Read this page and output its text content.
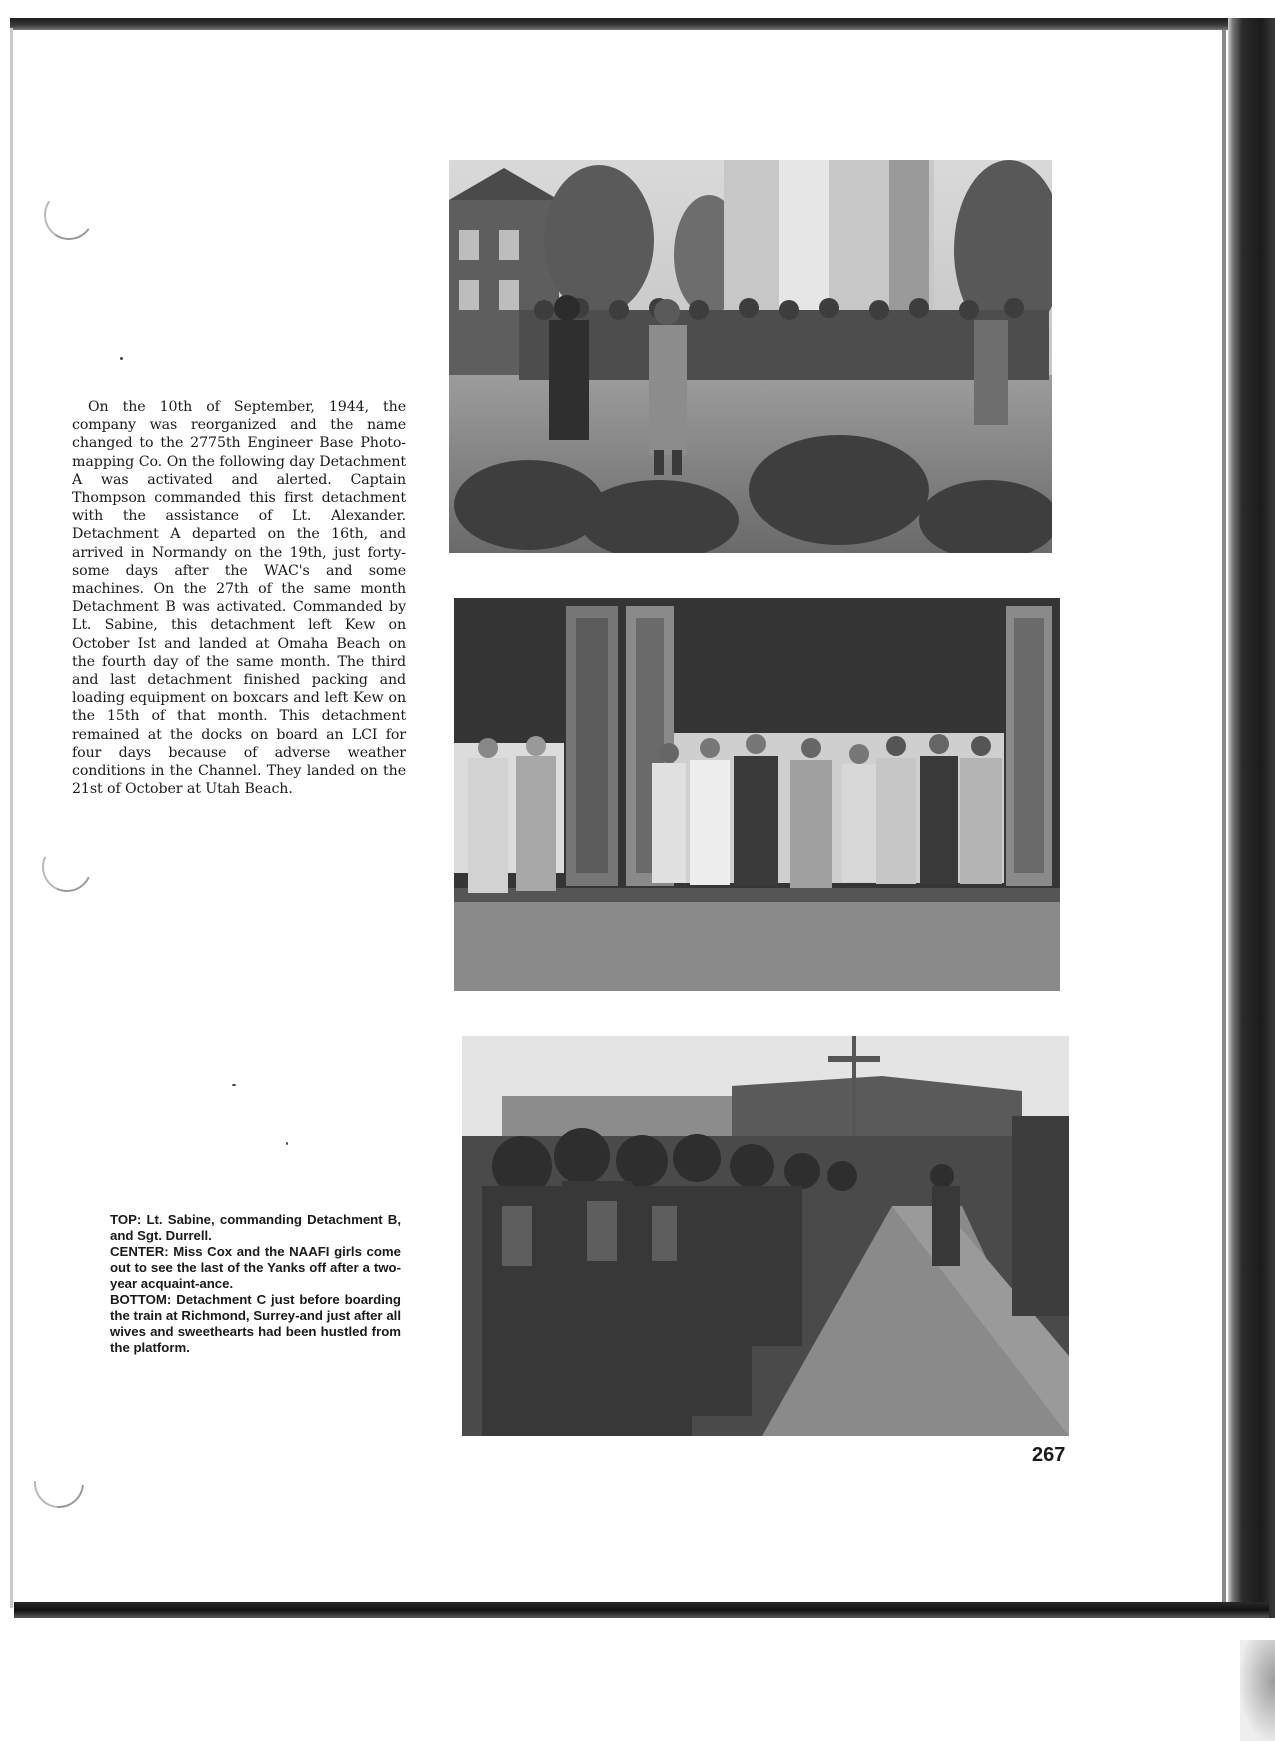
On the 10th of September, 1944, the company was reorganized and the name changed to the 2775th Engineer Base Photo-mapping Co. On the following day Detachment A was activated and alerted. Captain Thompson commanded this first detachment with the assistance of Lt. Alexander. Detachment A departed on the 16th, and arrived in Normandy on the 19th, just forty-some days after the WAC's and some machines. On the 27th of the same month Detachment B was activated. Commanded by Lt. Sabine, this detachment left Kew on October Ist and landed at Omaha Beach on the fourth day of the same month. The third and last detachment finished packing and loading equipment on boxcars and left Kew on the 15th of that month. This detachment remained at the docks on board an LCI for four days because of adverse weather conditions in the Channel. They landed on the 21st of October at Utah Beach.

TOP: Lt. Sabine, commanding Detachment B, and Sgt. Durrell.
CENTER: Miss Cox and the NAAFI girls come out to see the last of the Yanks off after a two-year acquaint-ance.
BOTTOM: Detachment C just before boarding the train at Richmond, Surrey-and just after all wives and sweethearts had been hustled from the platform.
267
